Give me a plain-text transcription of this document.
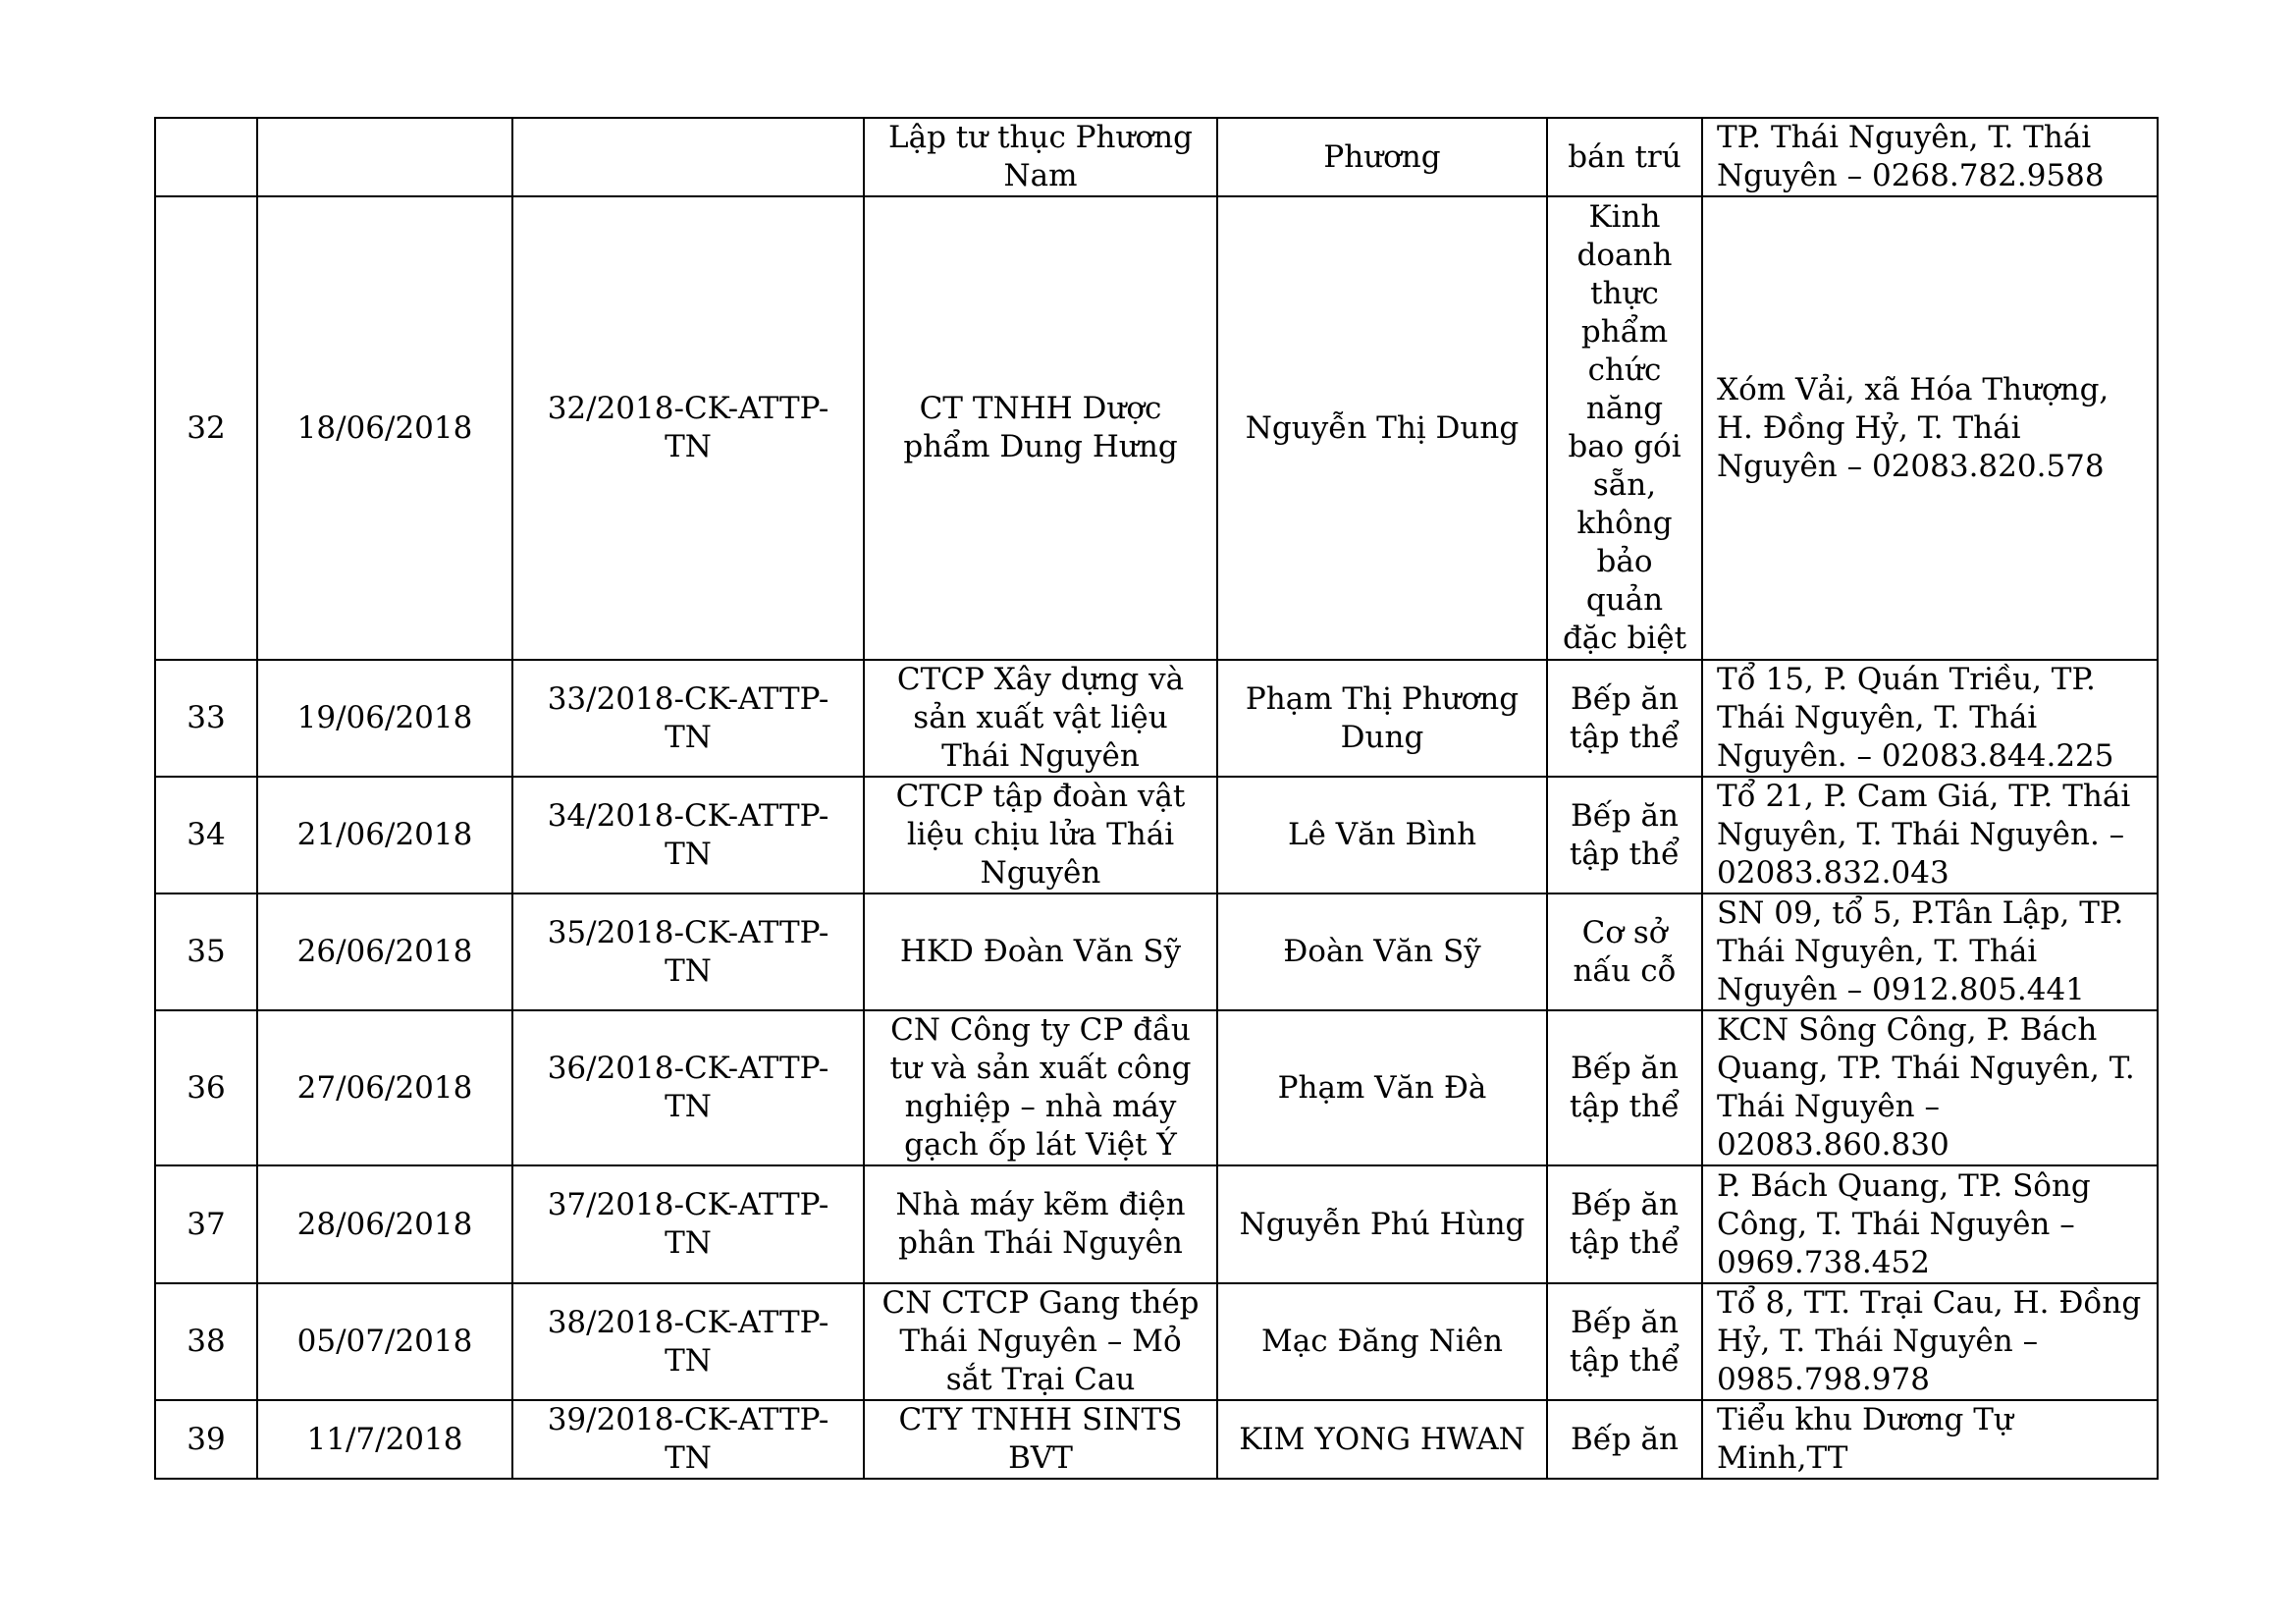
			Lập tư thục Phương Nam	Phương	bán trú	TP. Thái Nguyên, T. Thái Nguyên – 0268.782.9588
32	18/06/2018	32/2018-CK-ATTP-TN	CT TNHH Dược phẩm Dung Hưng	Nguyễn Thị Dung	Kinh doanh thực phẩm chức năng bao gói sẵn, không bảo quản đặc biệt	Xóm Vải, xã Hóa Thượng, H. Đồng Hỷ, T. Thái Nguyên – 02083.820.578
33	19/06/2018	33/2018-CK-ATTP-TN	CTCP Xây dựng và sản xuất vật liệu Thái Nguyên	Phạm Thị Phương Dung	Bếp ăn tập thể	Tổ 15, P. Quán Triều, TP. Thái Nguyên, T. Thái Nguyên. – 02083.844.225
34	21/06/2018	34/2018-CK-ATTP-TN	CTCP tập đoàn vật liệu chịu lửa Thái Nguyên	Lê Văn Bình	Bếp ăn tập thể	Tổ 21, P. Cam Giá, TP. Thái Nguyên, T. Thái Nguyên. – 02083.832.043
35	26/06/2018	35/2018-CK-ATTP-TN	HKD Đoàn Văn Sỹ	Đoàn Văn Sỹ	Cơ sở nấu cỗ	SN 09, tổ 5, P.Tân Lập, TP. Thái Nguyên, T. Thái Nguyên – 0912.805.441
36	27/06/2018	36/2018-CK-ATTP-TN	CN Công ty CP đầu tư và sản xuất công nghiệp – nhà máy gạch ốp lát Việt Ý	Phạm Văn Đà	Bếp ăn tập thể	KCN Sông Công, P. Bách Quang, TP. Thái Nguyên, T. Thái Nguyên – 02083.860.830
37	28/06/2018	37/2018-CK-ATTP-TN	Nhà máy kẽm điện phân Thái Nguyên	Nguyễn Phú Hùng	Bếp ăn tập thể	P. Bách Quang, TP. Sông Công, T. Thái Nguyên – 0969.738.452
38	05/07/2018	38/2018-CK-ATTP-TN	CN CTCP Gang thép Thái Nguyên – Mỏ sắt Trại Cau	Mạc Đăng Niên	Bếp ăn tập thể	Tổ 8, TT. Trại Cau, H. Đồng Hỷ, T. Thái Nguyên – 0985.798.978
39	11/7/2018	39/2018-CK-ATTP-TN	CTY TNHH SINTS BVT	KIM YONG HWAN	Bếp ăn	Tiểu khu Dương Tự Minh,TT
